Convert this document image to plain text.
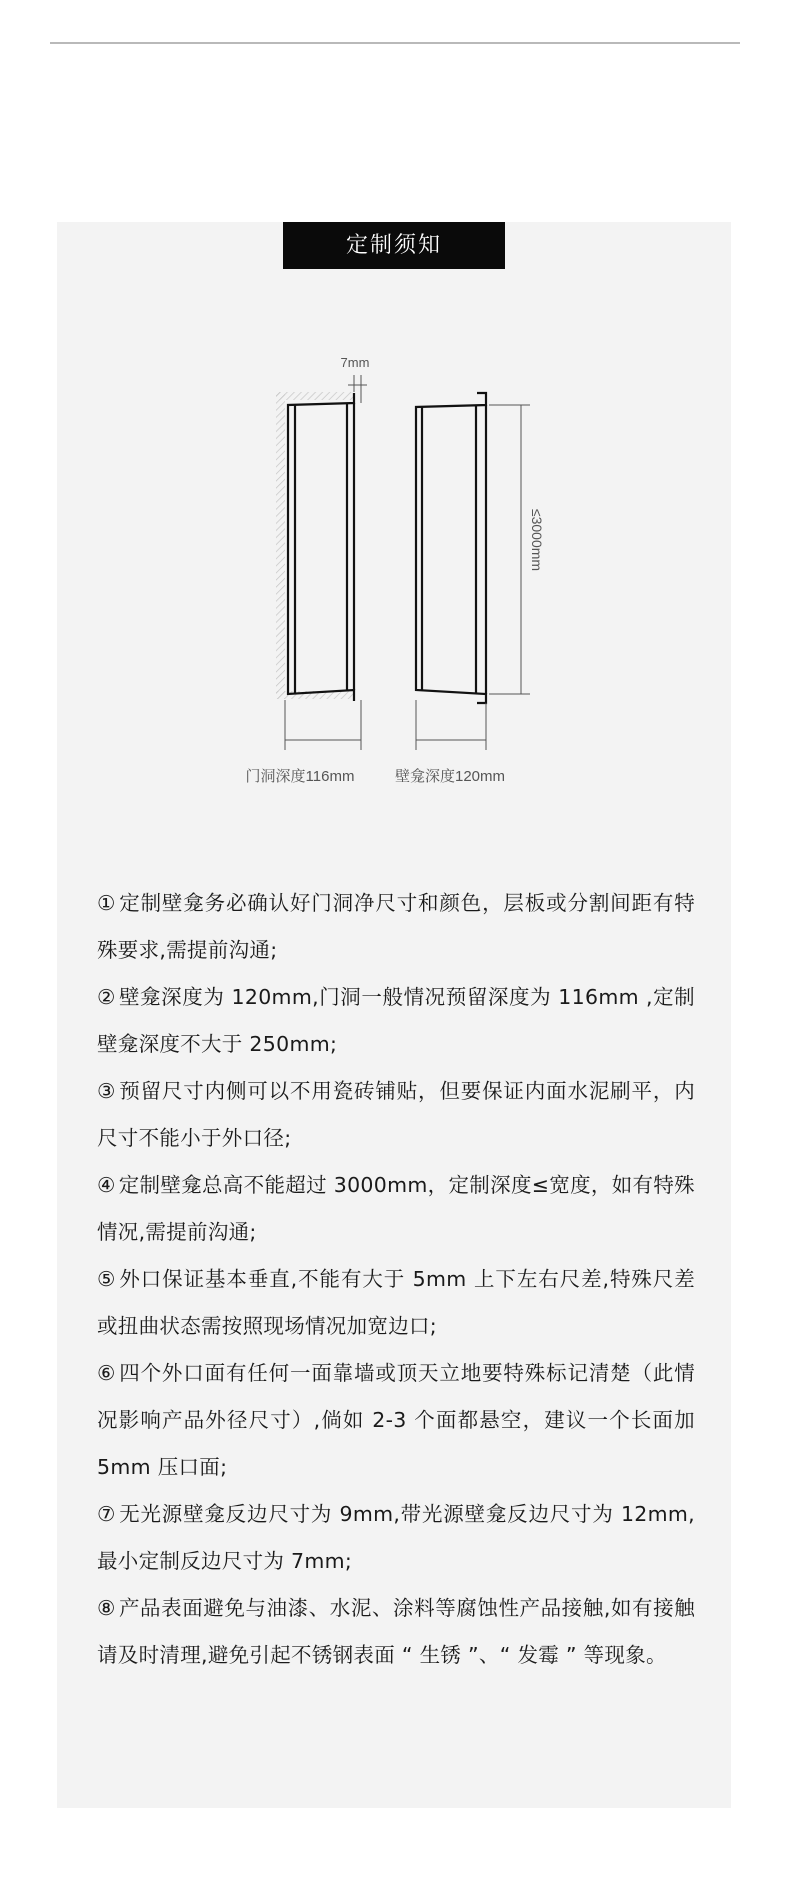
定制须知
7mm
≤3000mm
门洞深度116mm	壁龛深度120mm

① 定制壁龛务必确认好门洞净尺寸和颜色，层板或分割间距有特殊要求,需提前沟通;

② 壁龛深度为 120mm,门洞一般情况预留深度为 116mm ,定制壁龛深度不大于 250mm;

③ 预留尺寸内侧可以不用瓷砖铺贴，但要保证内面水泥刷平，内尺寸不能小于外口径;

④ 定制壁龛总高不能超过 3000mm，定制深度≤宽度，如有特殊情况,需提前沟通;

⑤ 外口保证基本垂直,不能有大于 5mm 上下左右尺差,特殊尺差或扭曲状态需按照现场情况加宽边口;

⑥ 四个外口面有任何一面靠墙或顶天立地要特殊标记清楚（此情况影响产品外径尺寸）,倘如 2-3 个面都悬空，建议一个长面加 5mm 压口面;

⑦ 无光源壁龛反边尺寸为 9mm,带光源壁龛反边尺寸为 12mm, 最小定制反边尺寸为 7mm;

⑧ 产品表面避免与油漆、水泥、涂料等腐蚀性产品接触,如有接触请及时清理,避免引起不锈钢表面 “ 生锈 ”、“ 发霉 ” 等现象。
